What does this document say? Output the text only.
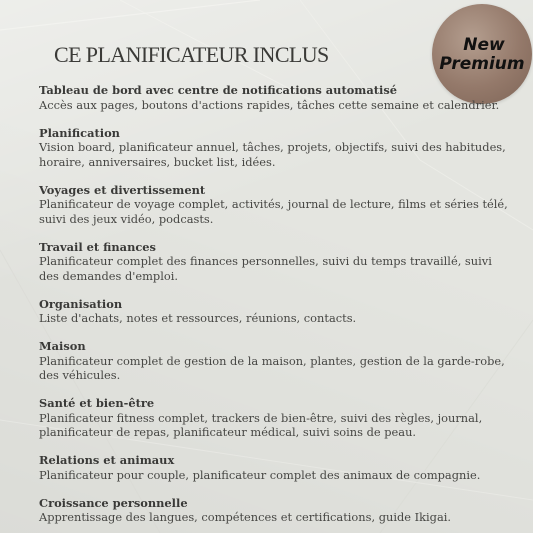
CE PLANIFICATEUR INCLUS	New
Premium
Tableau de bord avec centre de notifications automatisé

Accès aux pages, boutons d'actions rapides, tâches cette semaine et calendrier.

Planification

Vision board, planificateur annuel, tâches, projets, objectifs, suivi des habitudes, horaire, anniversaires, bucket list, idées.

Voyages et divertissement

Planificateur de voyage complet, activités, journal de lecture, films et séries télé, suivi des jeux vidéo, podcasts.

Travail et finances

Planificateur complet des finances personnelles, suivi du temps travaillé, suivi des demandes d'emploi.

Organisation

Liste d'achats, notes et ressources, réunions, contacts.

Maison

Planificateur complet de gestion de la maison, plantes, gestion de la garde-robe, des véhicules.

Santé et bien-être

Planificateur fitness complet, trackers de bien-être, suivi des règles, journal, planificateur de repas, planificateur médical, suivi soins de peau.

Relations et animaux

Planificateur pour couple, planificateur complet des animaux de compagnie.

Croissance personnelle

Apprentissage des langues, compétences et certifications, guide Ikigai.
